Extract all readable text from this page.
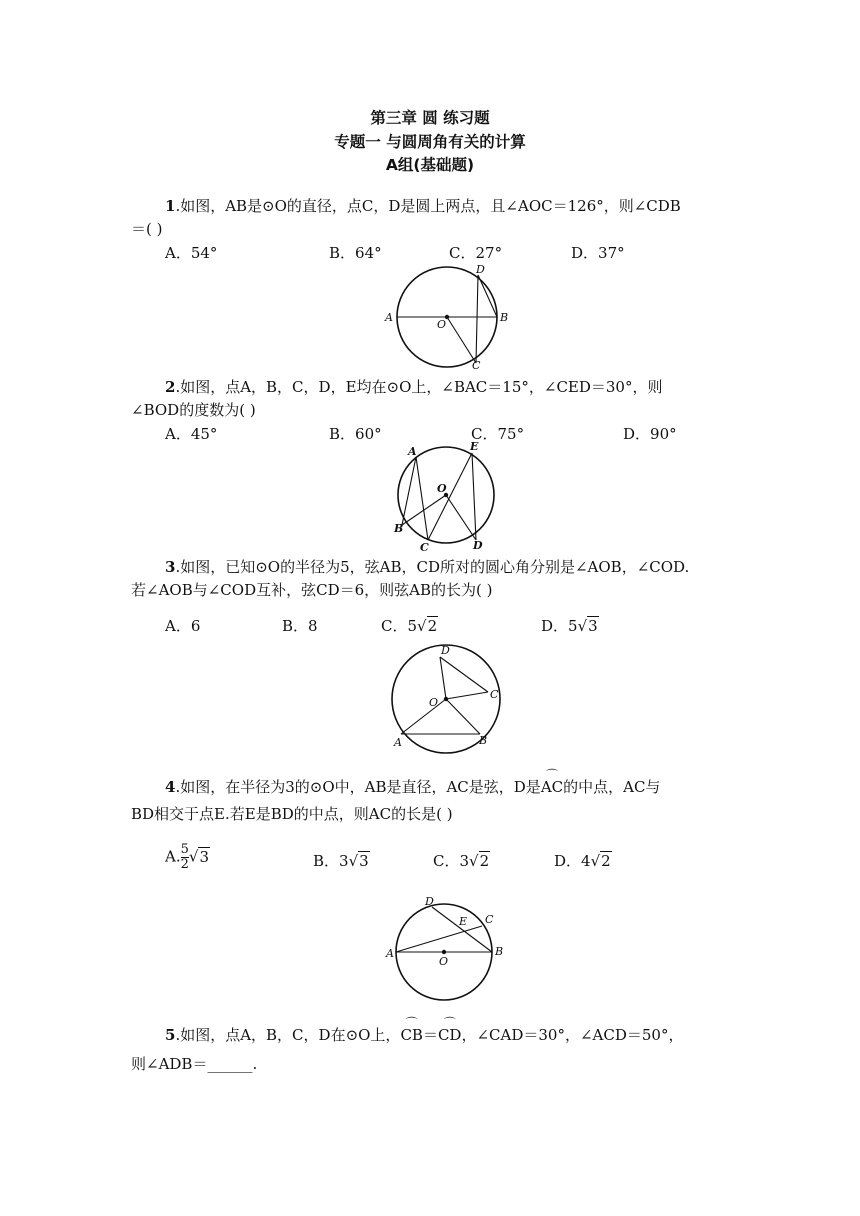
第三章 圆 练习题
专题一 与圆周角有关的计算
A组(基础题)
1.如图，AB是⊙O的直径，点C，D是圆上两点，且∠AOC＝126°，则∠CDB
＝( )
A．54°	B．64°	C．27°	D．37°
A	B
C
D
O
2.如图，点A，B，C，D，E均在⊙O上，∠BAC＝15°，∠CED＝30°，则
∠BOD的度数为( )
A．45°	B．60°	C．75°	D．90°
A
B
C	D
E
O
3.如图，已知⊙O的半径为5，弦AB，CD所对的圆心角分别是∠AOB，∠COD.
若∠AOB与∠COD互补，弦CD＝6，则弦AB的长为( )
A．6	B．8	C．5√2	D．5√3
A	B
C
D
O
4.如图，在半径为3的⊙O中，AB是直径，AC是弦，D是⌒ AC的中点，AC与
BD相交于点E.若E是BD的中点，则AC的长是( )
A. $\frac{5}{2} √3$	B．3√3	C．3√2	D．4√2
A	B
C
D
E
O
5.如图，点A，B，C，D在⊙O上，⌒ CB＝⌒ CD，∠CAD＝30°，∠ACD＝50°，
则∠ADB＝______.
